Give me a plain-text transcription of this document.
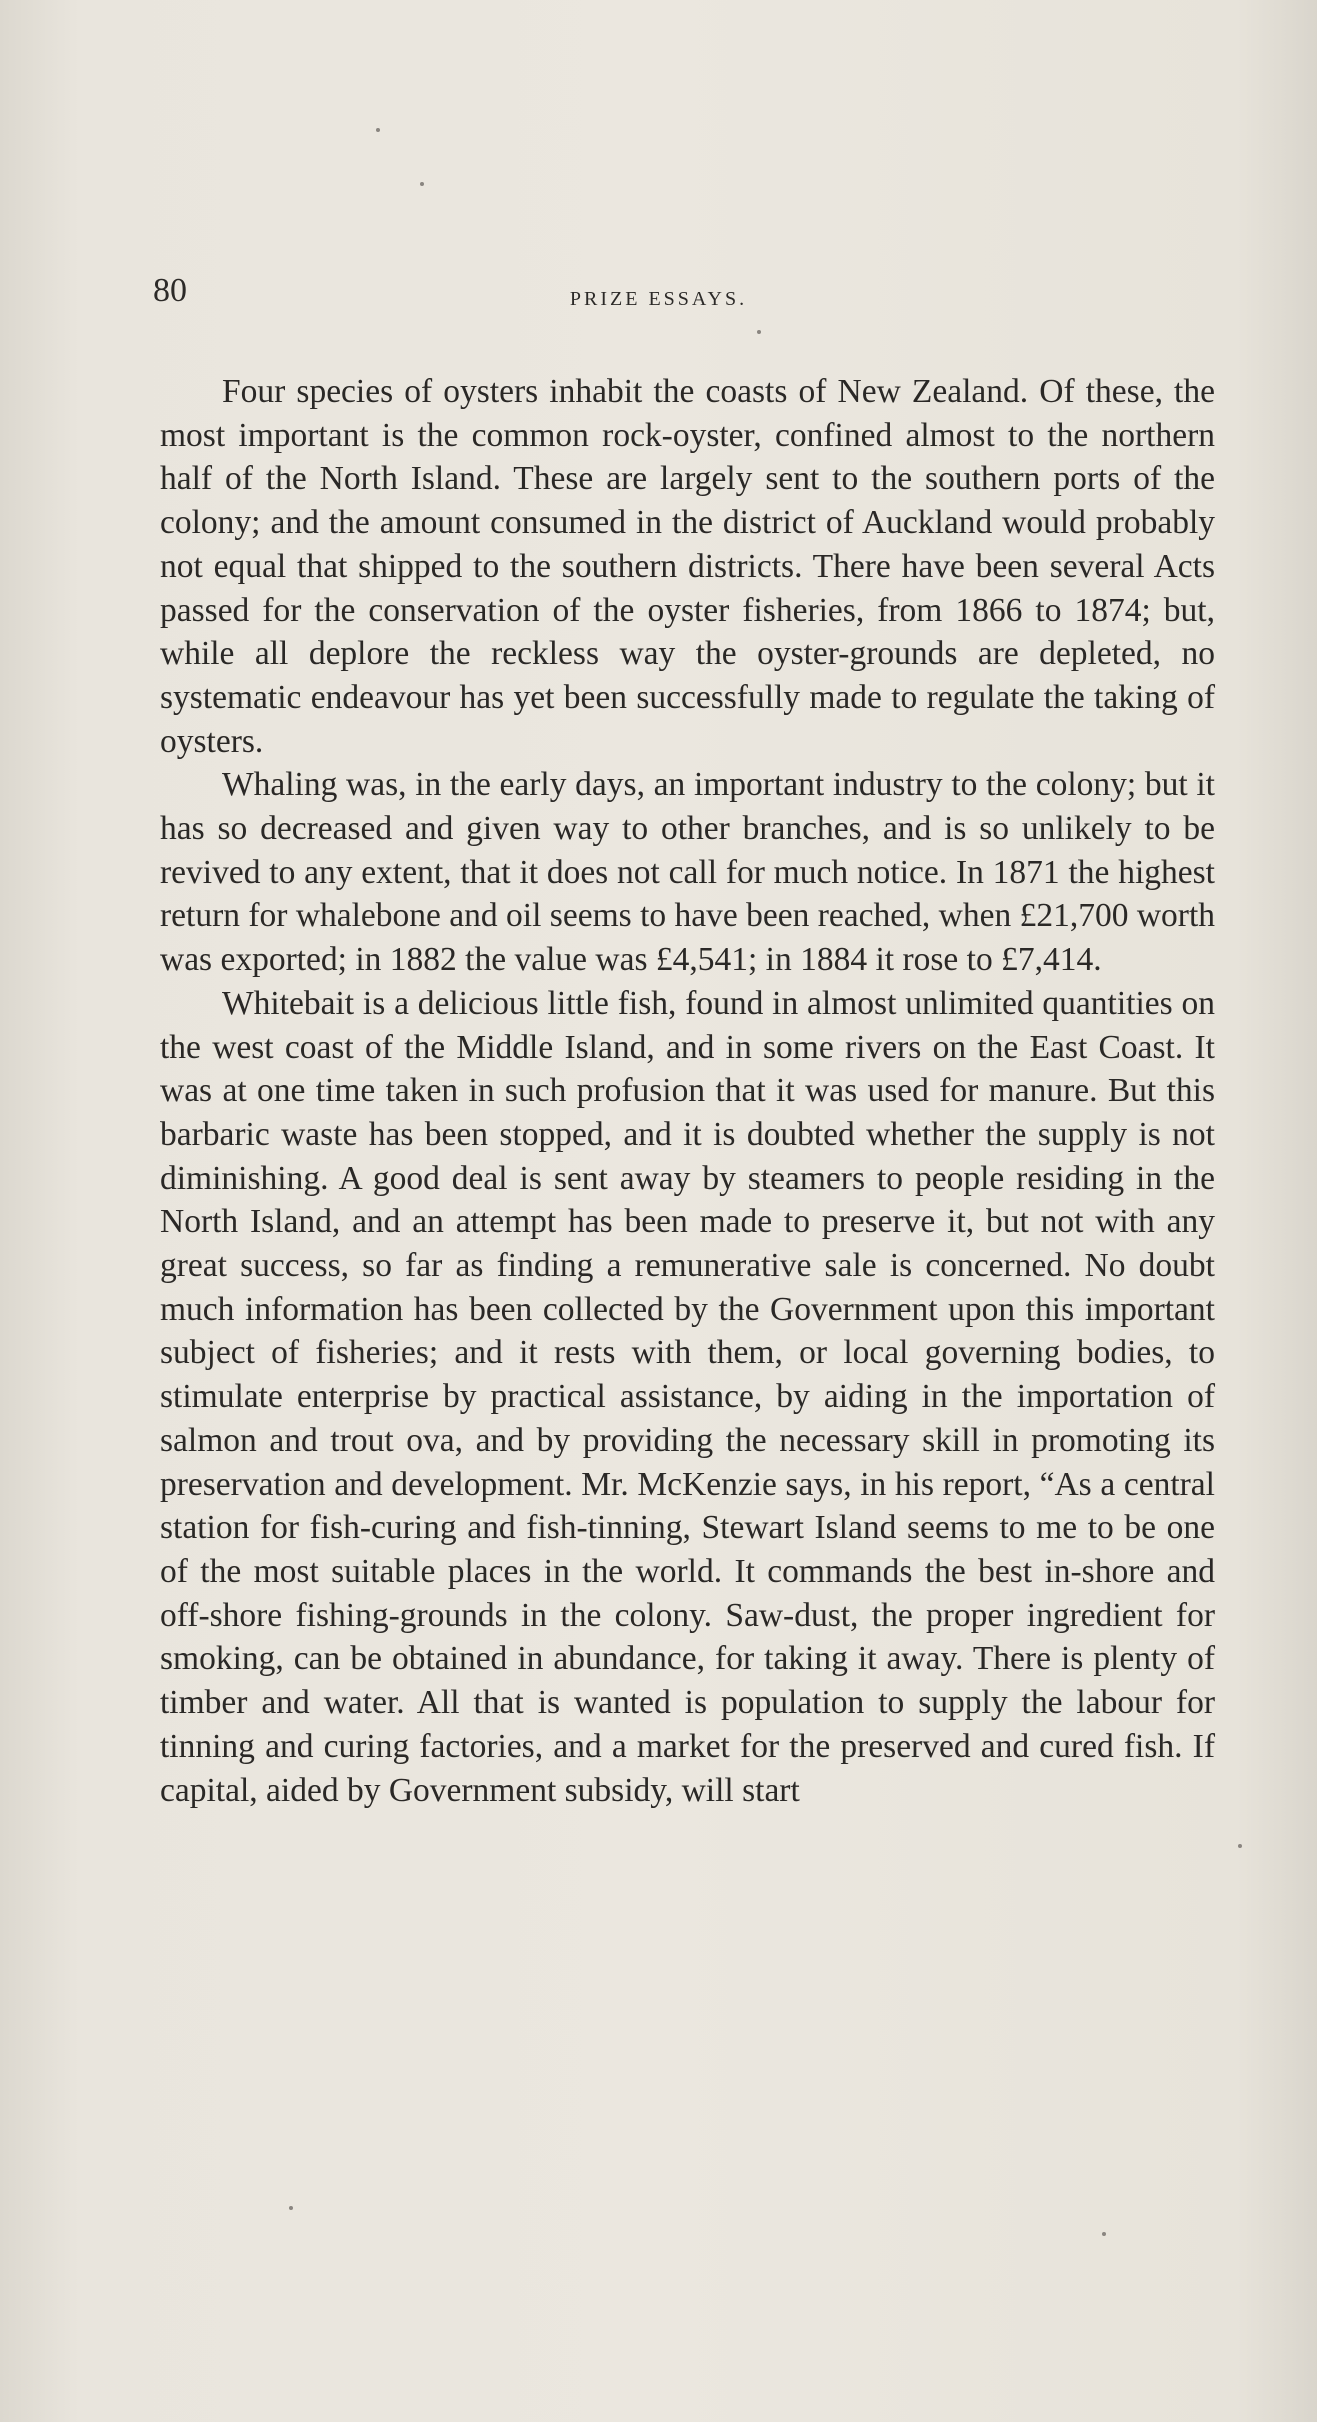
80	PRIZE ESSAYS.

Four species of oysters inhabit the coasts of New Zealand. Of these, the most important is the common rock-oyster, confined almost to the northern half of the North Island. These are largely sent to the southern ports of the colony; and the amount consumed in the district of Auckland would probably not equal that shipped to the southern districts. There have been several Acts passed for the conservation of the oyster fisheries, from 1866 to 1874; but, while all deplore the reckless way the oyster-grounds are depleted, no systematic endeavour has yet been successfully made to regulate the taking of oysters.

Whaling was, in the early days, an important industry to the colony; but it has so decreased and given way to other branches, and is so unlikely to be revived to any extent, that it does not call for much notice. In 1871 the highest return for whalebone and oil seems to have been reached, when £21,700 worth was exported; in 1882 the value was £4,541; in 1884 it rose to £7,414.

Whitebait is a delicious little fish, found in almost unlimited quantities on the west coast of the Middle Island, and in some rivers on the East Coast. It was at one time taken in such profusion that it was used for manure. But this barbaric waste has been stopped, and it is doubted whether the supply is not diminishing. A good deal is sent away by steamers to people residing in the North Island, and an attempt has been made to preserve it, but not with any great success, so far as finding a remunerative sale is concerned. No doubt much information has been collected by the Government upon this important subject of fisheries; and it rests with them, or local governing bodies, to stimulate enterprise by practical assistance, by aiding in the importation of salmon and trout ova, and by providing the necessary skill in promoting its preservation and development. Mr. McKenzie says, in his report, “As a central station for fish-curing and fish-tinning, Stewart Island seems to me to be one of the most suitable places in the world. It commands the best in-shore and off-shore fishing-grounds in the colony. Saw-dust, the proper ingredient for smoking, can be obtained in abundance, for taking it away. There is plenty of timber and water. All that is wanted is population to supply the labour for tinning and curing factories, and a market for the preserved and cured fish. If capital, aided by Government subsidy, will start
